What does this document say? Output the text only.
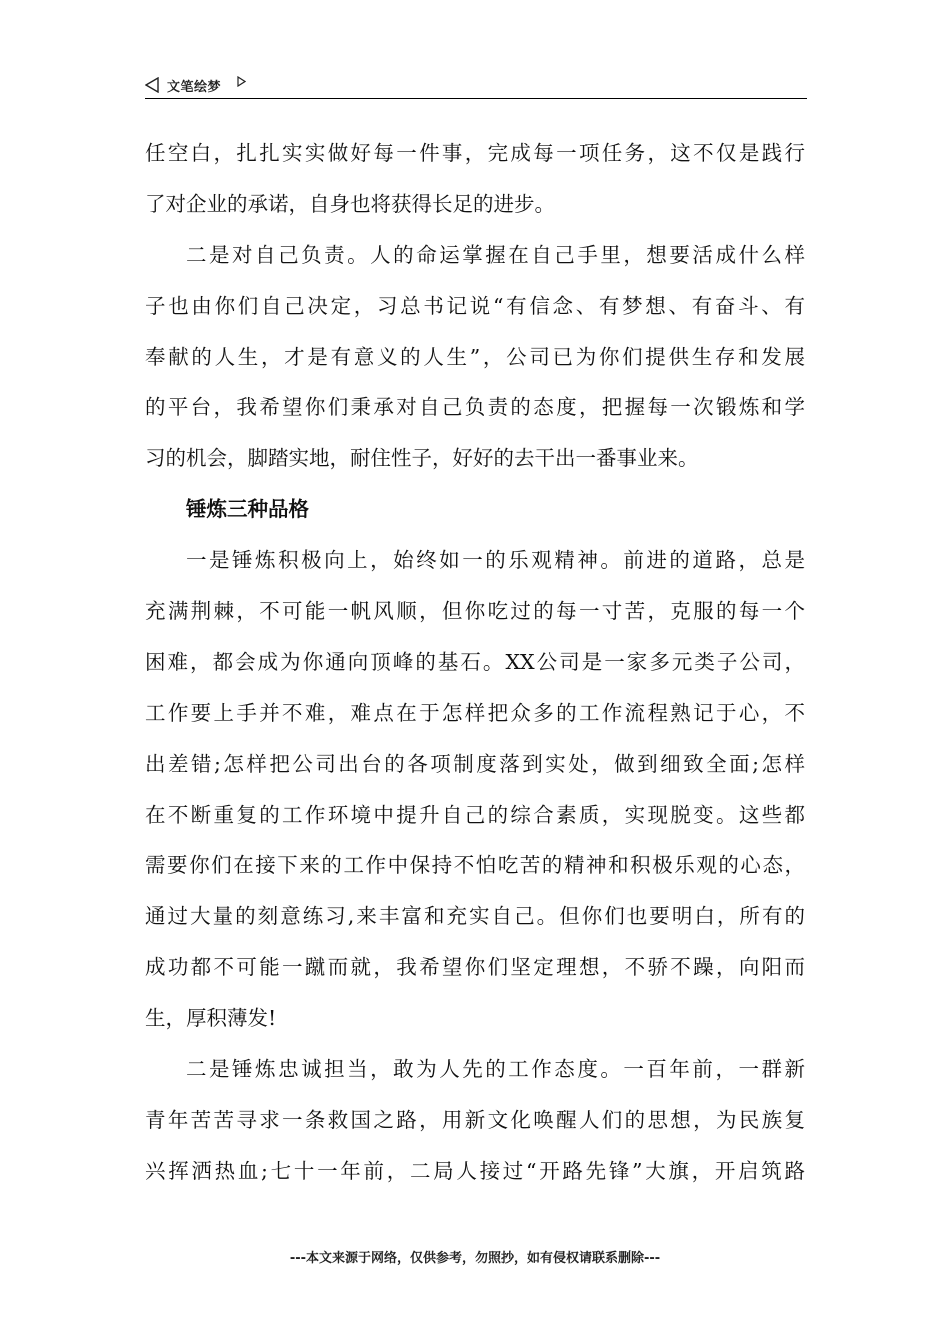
文笔绘梦
任空白，扎扎实实做好每一件事，完成每一项任务，这不仅是践行
了对企业的承诺，自身也将获得长足的进步。
二是对自己负责。人的命运掌握在自己手里，想要活成什么样
子也由你们自己决定，习总书记说“有信念、有梦想、有奋斗、有
奉献的人生，才是有意义的人生”，公司已为你们提供生存和发展
的平台，我希望你们秉承对自己负责的态度，把握每一次锻炼和学
习的机会，脚踏实地，耐住性子，好好的去干出一番事业来。
锤炼三种品格
一是锤炼积极向上，始终如一的乐观精神。前进的道路，总是
充满荆棘，不可能一帆风顺，但你吃过的每一寸苦，克服的每一个
困难，都会成为你通向顶峰的基石。XX公司是一家多元类子公司，
工作要上手并不难，难点在于怎样把众多的工作流程熟记于心，不
出差错;怎样把公司出台的各项制度落到实处，做到细致全面;怎样
在不断重复的工作环境中提升自己的综合素质，实现脱变。这些都
需要你们在接下来的工作中保持不怕吃苦的精神和积极乐观的心态，
通过大量的刻意练习,来丰富和充实自己。但你们也要明白，所有的
成功都不可能一蹴而就，我希望你们坚定理想，不骄不躁，向阳而
生，厚积薄发!
二是锤炼忠诚担当，敢为人先的工作态度。一百年前，一群新
青年苦苦寻求一条救国之路，用新文化唤醒人们的思想，为民族复
兴挥洒热血;七十一年前，二局人接过“开路先锋”大旗，开启筑路
---本文来源于网络，仅供参考，勿照抄，如有侵权请联系删除---
